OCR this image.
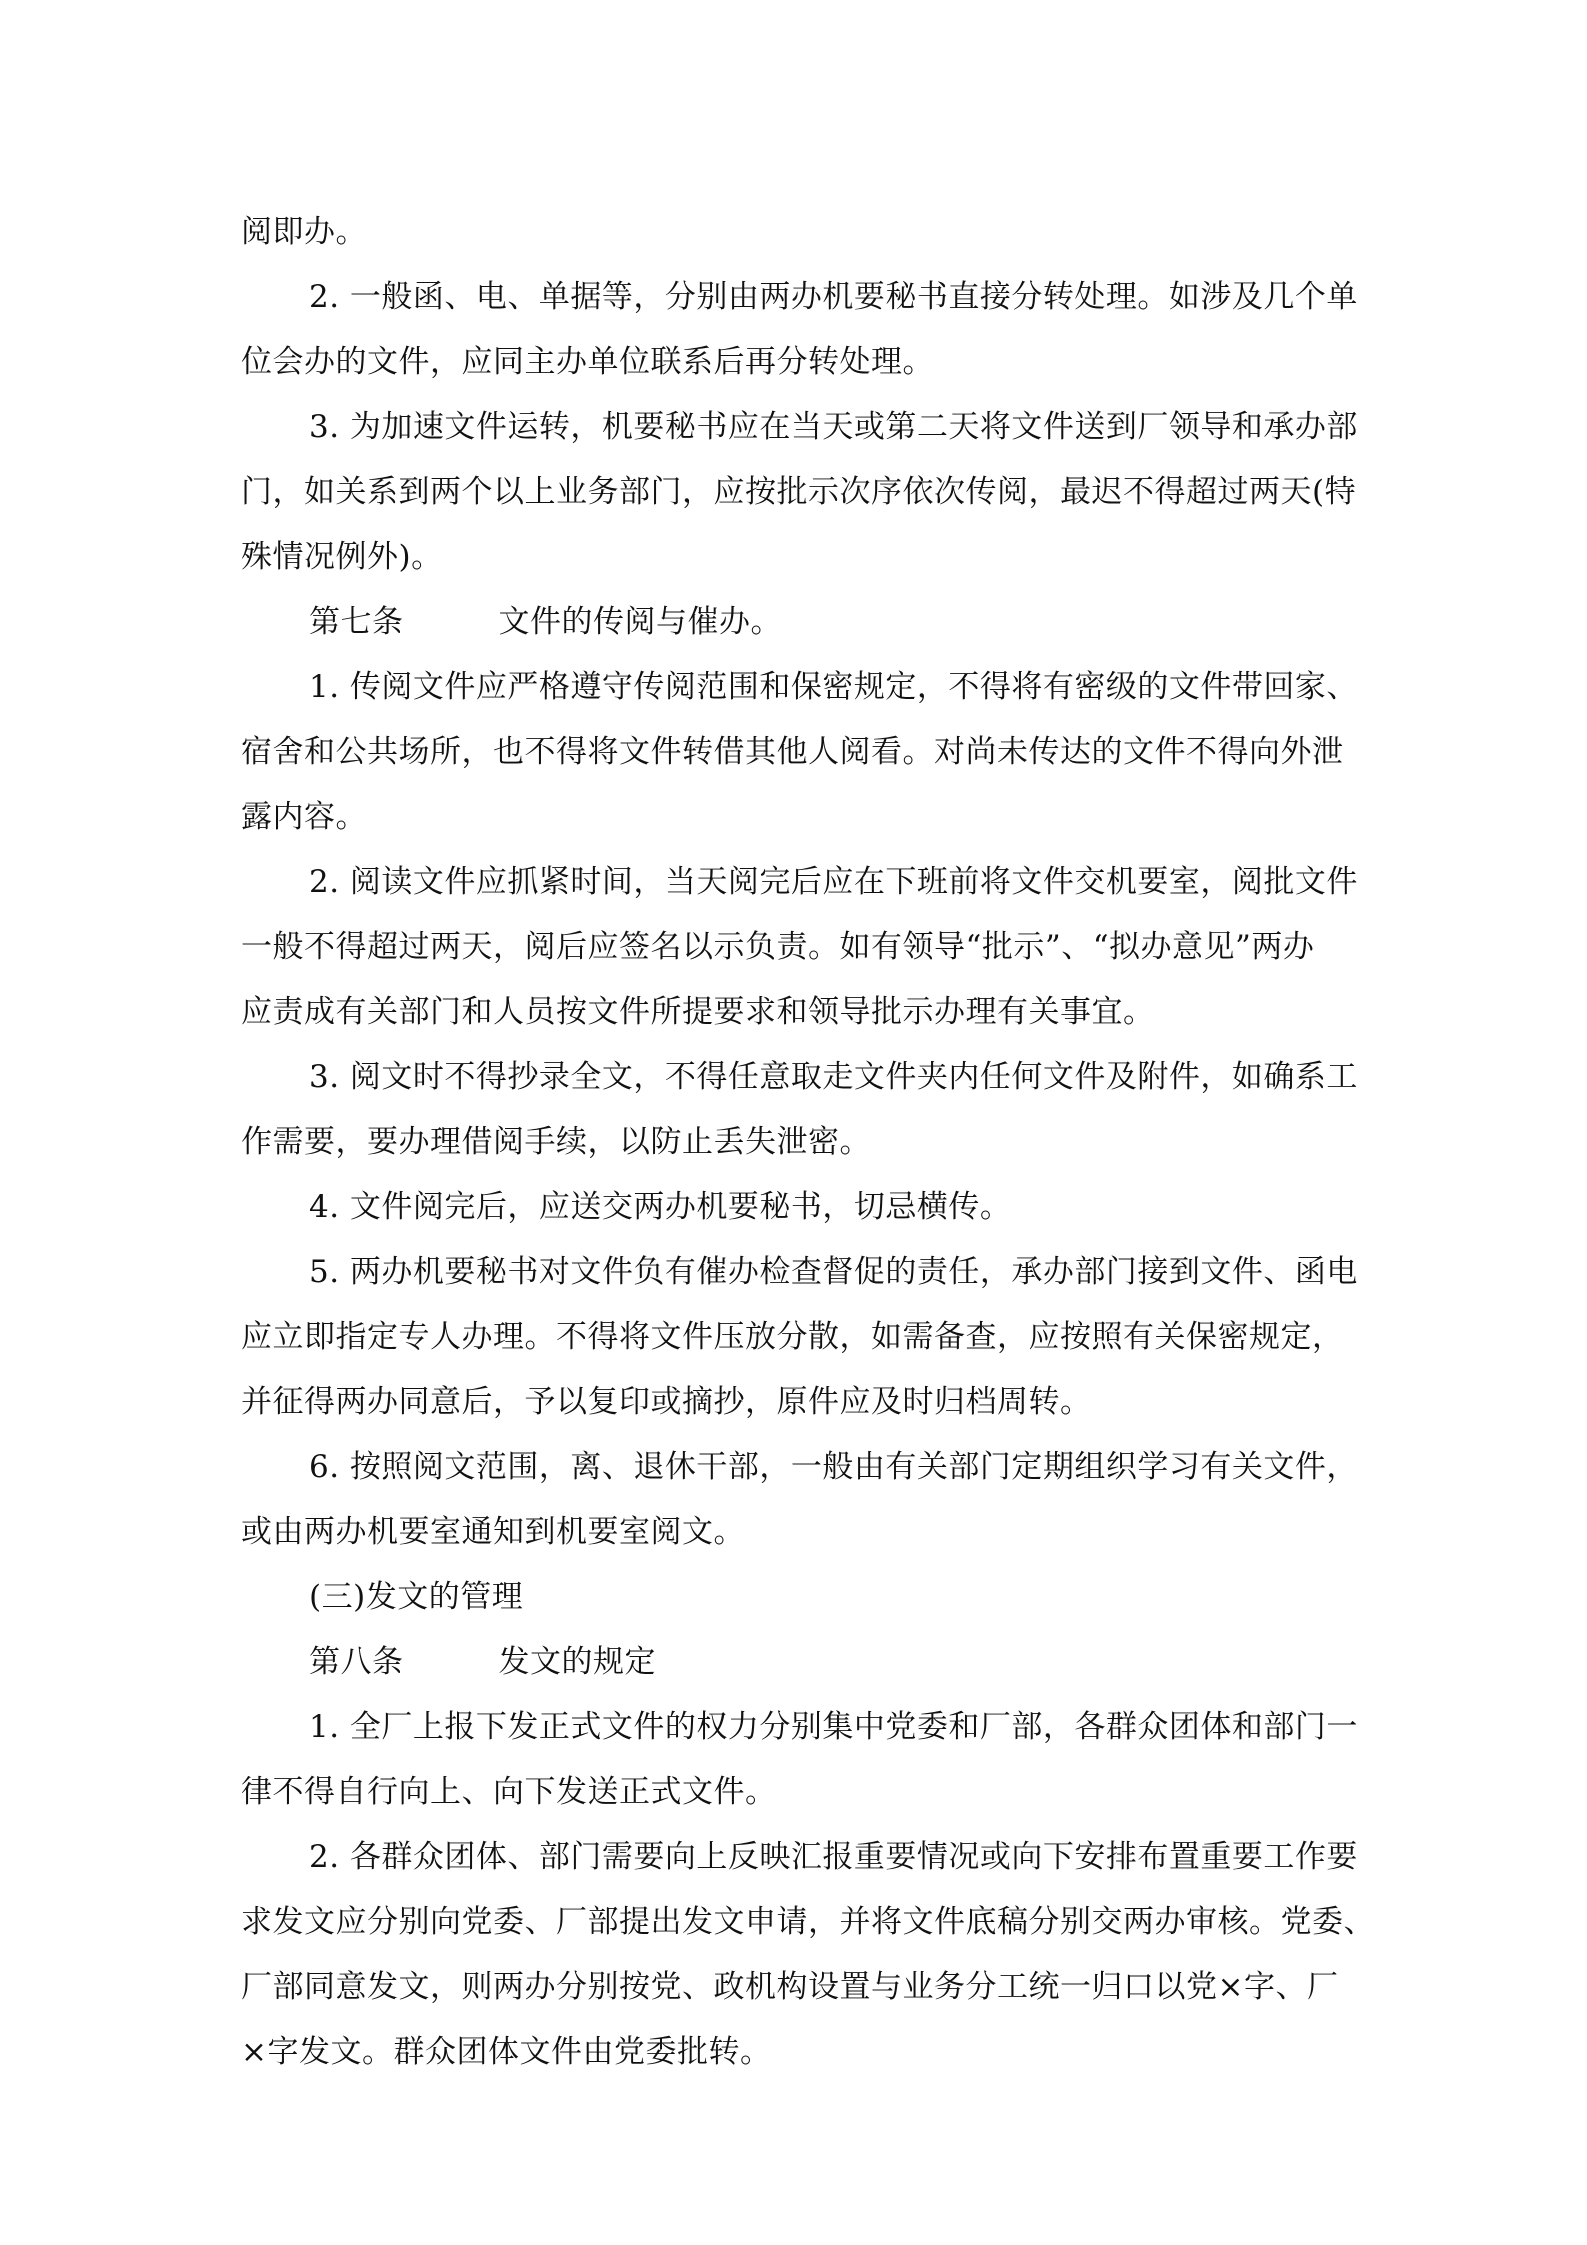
阅即办。
2. 一般函、电、单据等，分别由两办机要秘书直接分转处理。如涉及几个单
位会办的文件，应同主办单位联系后再分转处理。
3. 为加速文件运转，机要秘书应在当天或第二天将文件送到厂领导和承办部
门，如关系到两个以上业务部门，应按批示次序依次传阅，最迟不得超过两天(特
殊情况例外)。
第七条	文件的传阅与催办。
1. 传阅文件应严格遵守传阅范围和保密规定，不得将有密级的文件带回家、
宿舍和公共场所，也不得将文件转借其他人阅看。对尚未传达的文件不得向外泄
露内容。
2. 阅读文件应抓紧时间，当天阅完后应在下班前将文件交机要室，阅批文件
一般不得超过两天，阅后应签名以示负责。如有领导“批示”、“拟办意见”两办
应责成有关部门和人员按文件所提要求和领导批示办理有关事宜。
3. 阅文时不得抄录全文，不得任意取走文件夹内任何文件及附件，如确系工
作需要，要办理借阅手续，以防止丢失泄密。
4. 文件阅完后，应送交两办机要秘书，切忌横传。
5. 两办机要秘书对文件负有催办检查督促的责任，承办部门接到文件、函电
应立即指定专人办理。不得将文件压放分散，如需备查，应按照有关保密规定，
并征得两办同意后，予以复印或摘抄，原件应及时归档周转。
6. 按照阅文范围，离、退休干部，一般由有关部门定期组织学习有关文件，
或由两办机要室通知到机要室阅文。
(三)发文的管理
第八条	发文的规定
1. 全厂上报下发正式文件的权力分别集中党委和厂部，各群众团体和部门一
律不得自行向上、向下发送正式文件。
2. 各群众团体、部门需要向上反映汇报重要情况或向下安排布置重要工作要
求发文应分别向党委、厂部提出发文申请，并将文件底稿分别交两办审核。党委、
厂部同意发文，则两办分别按党、政机构设置与业务分工统一归口以党×字、厂
×字发文。群众团体文件由党委批转。
